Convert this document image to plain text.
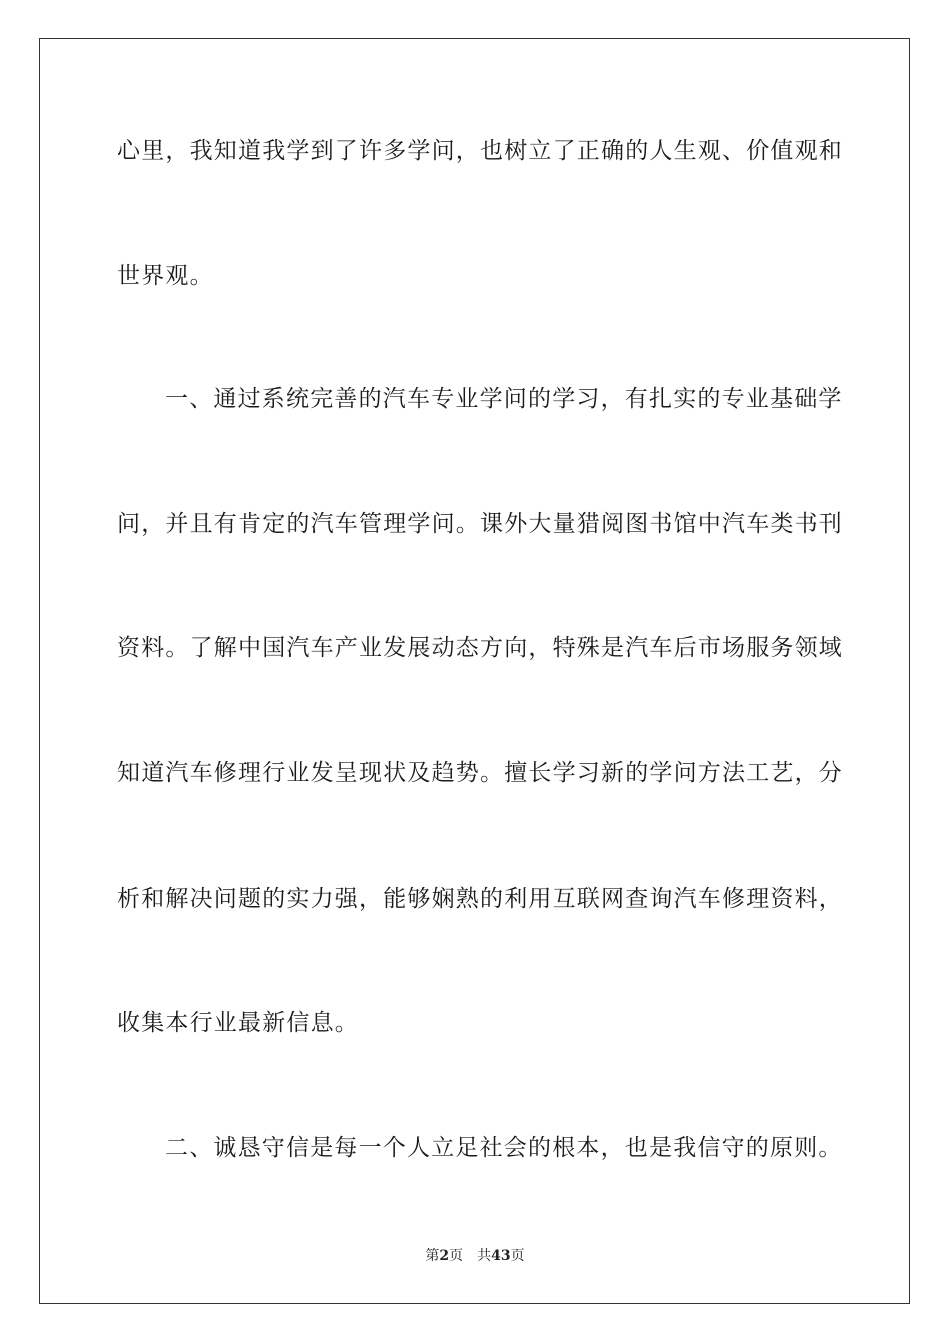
心里，我知道我学到了许多学问，也树立了正确的人生观、价值观和
世界观。
一、通过系统完善的汽车专业学问的学习，有扎实的专业基础学
问，并且有肯定的汽车管理学问。课外大量猎阅图书馆中汽车类书刊
资料。了解中国汽车产业发展动态方向，特殊是汽车后市场服务领域
知道汽车修理行业发呈现状及趋势。擅长学习新的学问方法工艺，分
析和解决问题的实力强，能够娴熟的利用互联网查询汽车修理资料，
收集本行业最新信息。
二、诚恳守信是每一个人立足社会的根本，也是我信守的原则。
第2页 共43页
